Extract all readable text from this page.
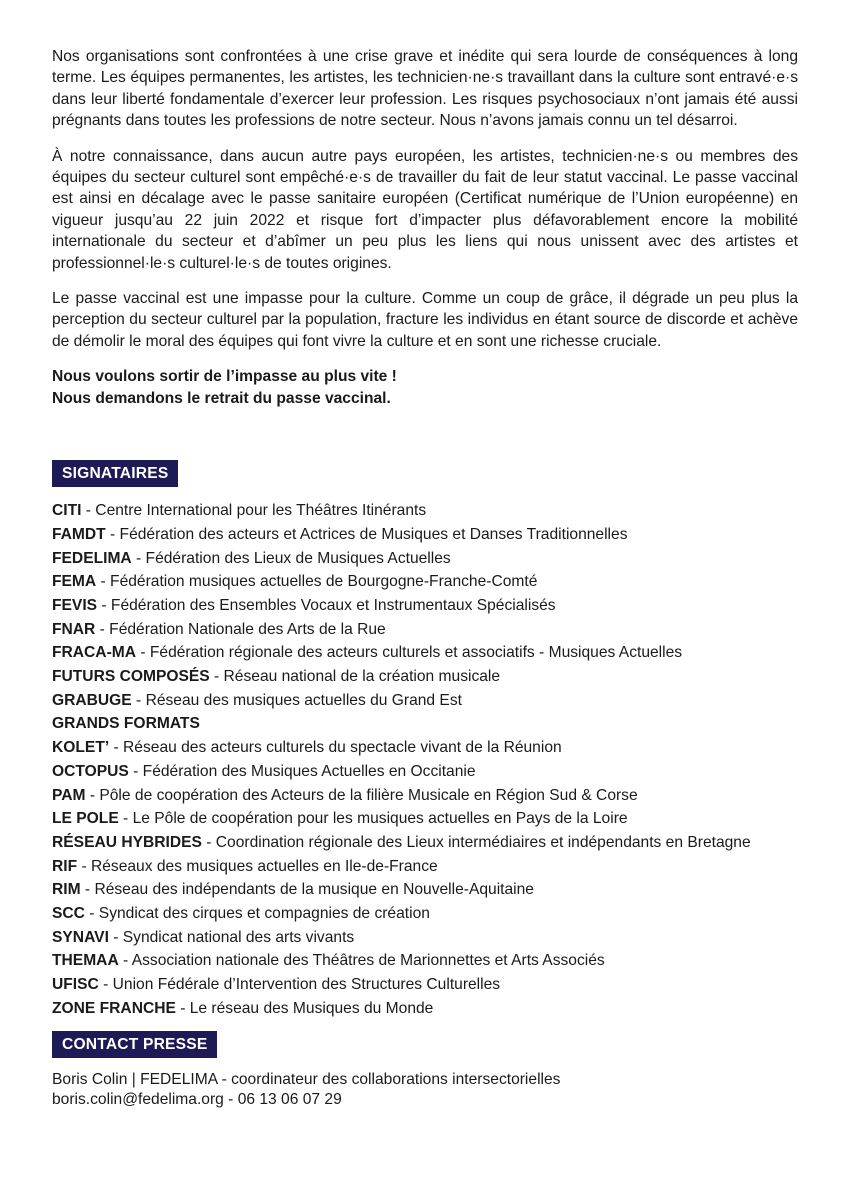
Nos organisations sont confrontées à une crise grave et inédite qui sera lourde de conséquences à long terme. Les équipes permanentes, les artistes, les technicien·ne·s travaillant dans la culture sont entravé·e·s dans leur liberté fondamentale d’exercer leur profession. Les risques psychosociaux n’ont jamais été aussi prégnants dans toutes les professions de notre secteur. Nous n’avons jamais connu un tel désarroi.

À notre connaissance, dans aucun autre pays européen, les artistes, technicien·ne·s ou membres des équipes du secteur culturel sont empêché·e·s de travailler du fait de leur statut vaccinal. Le passe vaccinal est ainsi en décalage avec le passe sanitaire européen (Certificat numérique de l’Union européenne) en vigueur jusqu’au 22 juin 2022 et risque fort d’impacter plus défavorablement encore la mobilité internationale du secteur et d’abîmer un peu plus les liens qui nous unissent avec des artistes et professionnel·le·s culturel·le·s de toutes origines.

Le passe vaccinal est une impasse pour la culture. Comme un coup de grâce, il dégrade un peu plus la perception du secteur culturel par la population, fracture les individus en étant source de discorde et achève de démolir le moral des équipes qui font vivre la culture et en sont une richesse cruciale.

Nous voulons sortir de l’impasse au plus vite !
Nous demandons le retrait du passe vaccinal.
SIGNATAIRES
CITI - Centre International pour les Théâtres Itinérants
FAMDT - Fédération des acteurs et Actrices de Musiques et Danses Traditionnelles
FEDELIMA - Fédération des Lieux de Musiques Actuelles
FEMA - Fédération musiques actuelles de Bourgogne-Franche-Comté
FEVIS - Fédération des Ensembles Vocaux et Instrumentaux Spécialisés
FNAR - Fédération Nationale des Arts de la Rue
FRACA-MA - Fédération régionale des acteurs culturels et associatifs - Musiques Actuelles
FUTURS COMPOSÉS - Réseau national de la création musicale
GRABUGE - Réseau des musiques actuelles du Grand Est
GRANDS FORMATS
KOLET’ - Réseau des acteurs culturels du spectacle vivant de la Réunion
OCTOPUS - Fédération des Musiques Actuelles en Occitanie
PAM - Pôle de coopération des Acteurs de la filière Musicale en Région Sud & Corse
LE POLE - Le Pôle de coopération pour les musiques actuelles en Pays de la Loire
RÉSEAU HYBRIDES - Coordination régionale des Lieux intermédiaires et indépendants en Bretagne
RIF - Réseaux des musiques actuelles en Ile-de-France
RIM - Réseau des indépendants de la musique en Nouvelle-Aquitaine
SCC - Syndicat des cirques et compagnies de création
SYNAVI - Syndicat national des arts vivants
THEMAA - Association nationale des Théâtres de Marionnettes et Arts Associés
UFISC - Union Fédérale d’Intervention des Structures Culturelles
ZONE FRANCHE - Le réseau des Musiques du Monde
CONTACT PRESSE
Boris Colin | FEDELIMA - coordinateur des collaborations intersectorielles
boris.colin@fedelima.org - 06 13 06 07 29
